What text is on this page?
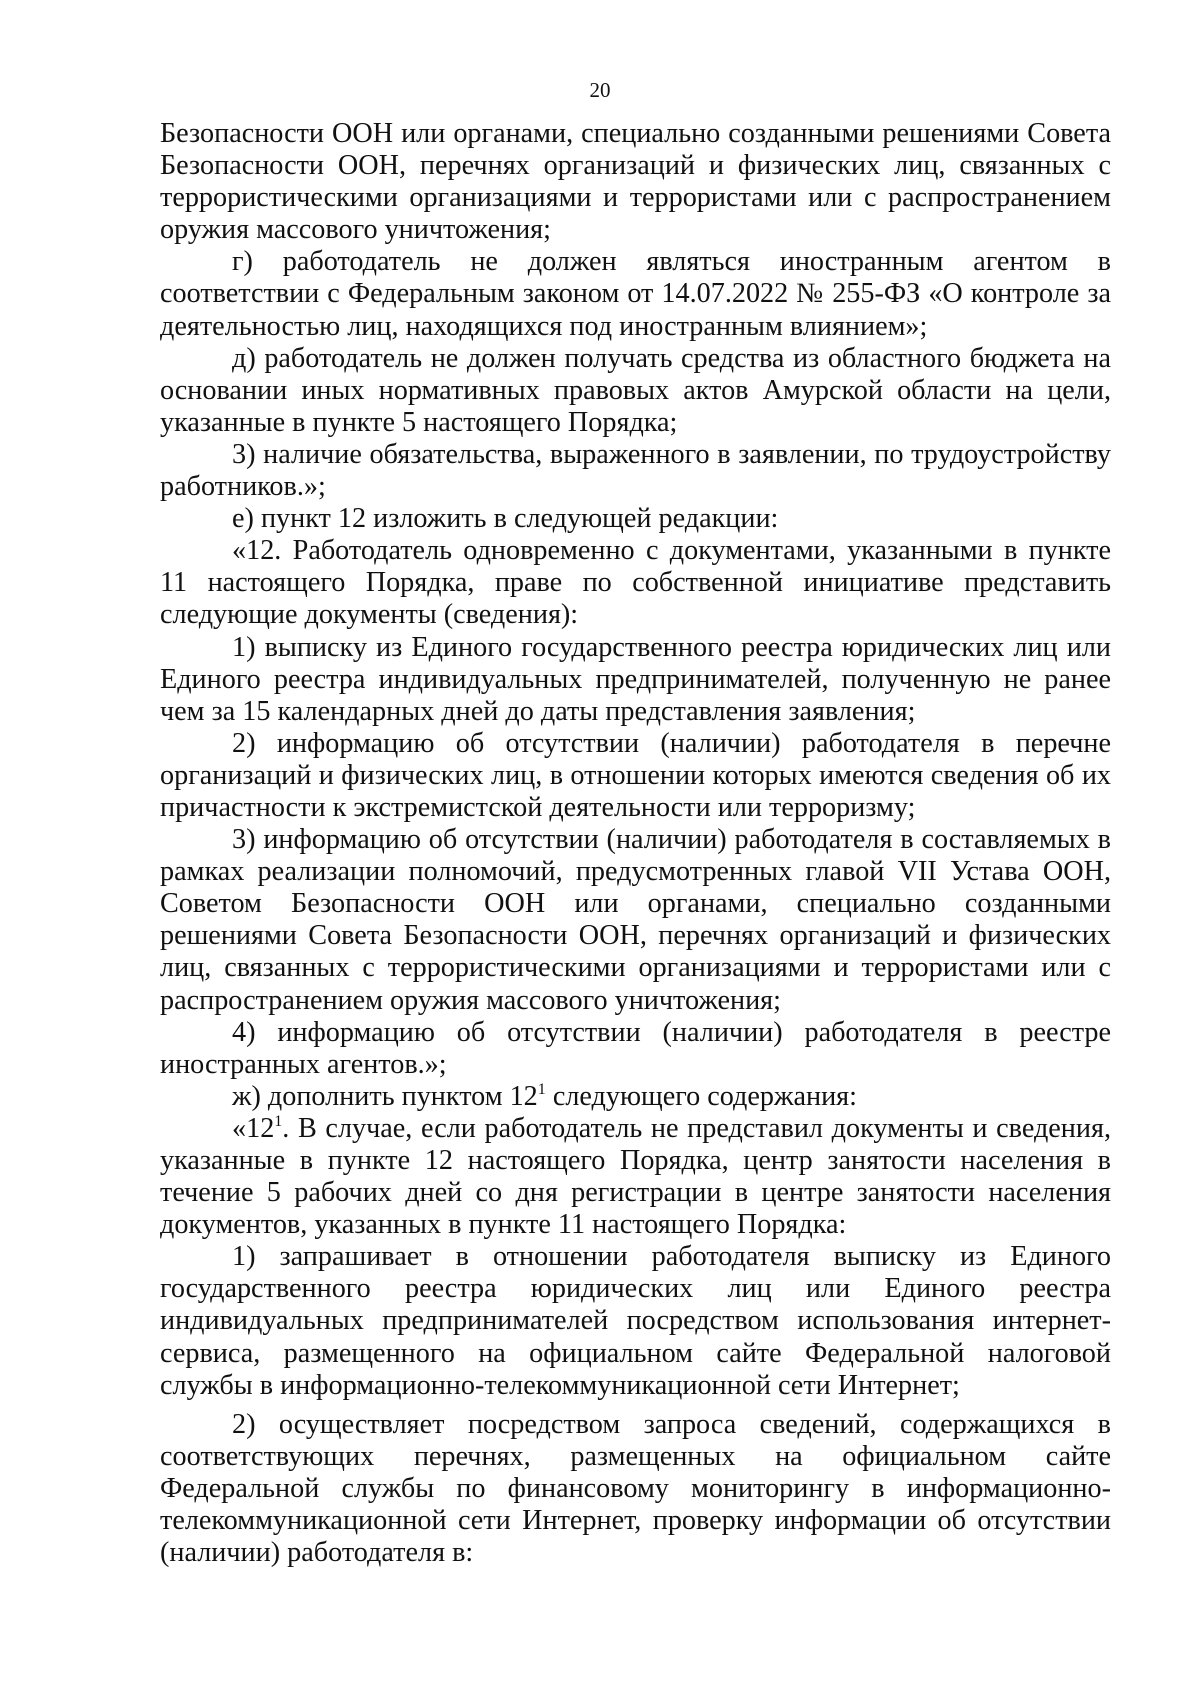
20

Безопасности ООН или органами, специально созданными решениями Совета Безопасности ООН, перечнях организаций и физических лиц, связанных с террористическими организациями и террористами или с распространением оружия массового уничтожения;

г) работодатель не должен являться иностранным агентом в соответствии с Федеральным законом от 14.07.2022 № 255-ФЗ «О контроле за деятельностью лиц, находящихся под иностранным влиянием»;

д) работодатель не должен получать средства из областного бюджета на основании иных нормативных правовых актов Амурской области на цели, указанные в пункте 5 настоящего Порядка;

3) наличие обязательства, выраженного в заявлении, по трудоустройству работников.»;

е) пункт 12 изложить в следующей редакции:

«12. Работодатель одновременно с документами, указанными в пункте 11 настоящего Порядка, праве по собственной инициативе представить следующие документы (сведения):

1) выписку из Единого государственного реестра юридических лиц или Единого реестра индивидуальных предпринимателей, полученную не ранее чем за 15 календарных дней до даты представления заявления;

2) информацию об отсутствии (наличии) работодателя в перечне организаций и физических лиц, в отношении которых имеются сведения об их причастности к экстремистской деятельности или терроризму;

3) информацию об отсутствии (наличии) работодателя в составляемых в рамках реализации полномочий, предусмотренных главой VII Устава ООН, Советом Безопасности ООН или органами, специально созданными решениями Совета Безопасности ООН, перечнях организаций и физических лиц, связанных с террористическими организациями и террористами или с распространением оружия массового уничтожения;

4) информацию об отсутствии (наличии) работодателя в реестре иностранных агентов.»;

ж) дополнить пунктом $12^1$ следующего содержания:

«$12^1$. В случае, если работодатель не представил документы и сведения, указанные в пункте 12 настоящего Порядка, центр занятости населения в течение 5 рабочих дней со дня регистрации в центре занятости населения документов, указанных в пункте 11 настоящего Порядка:

1) запрашивает в отношении работодателя выписку из Единого государственного реестра юридических лиц или Единого реестра индивидуальных предпринимателей посредством использования интернет-сервиса, размещенного на официальном сайте Федеральной налоговой службы в информационно-телекоммуникационной сети Интернет;

2) осуществляет посредством запроса сведений, содержащихся в соответствующих перечнях, размещенных на официальном сайте Федеральной службы по финансовому мониторингу в информационно-телекоммуникационной сети Интернет, проверку информации об отсутствии (наличии) работодателя в:
